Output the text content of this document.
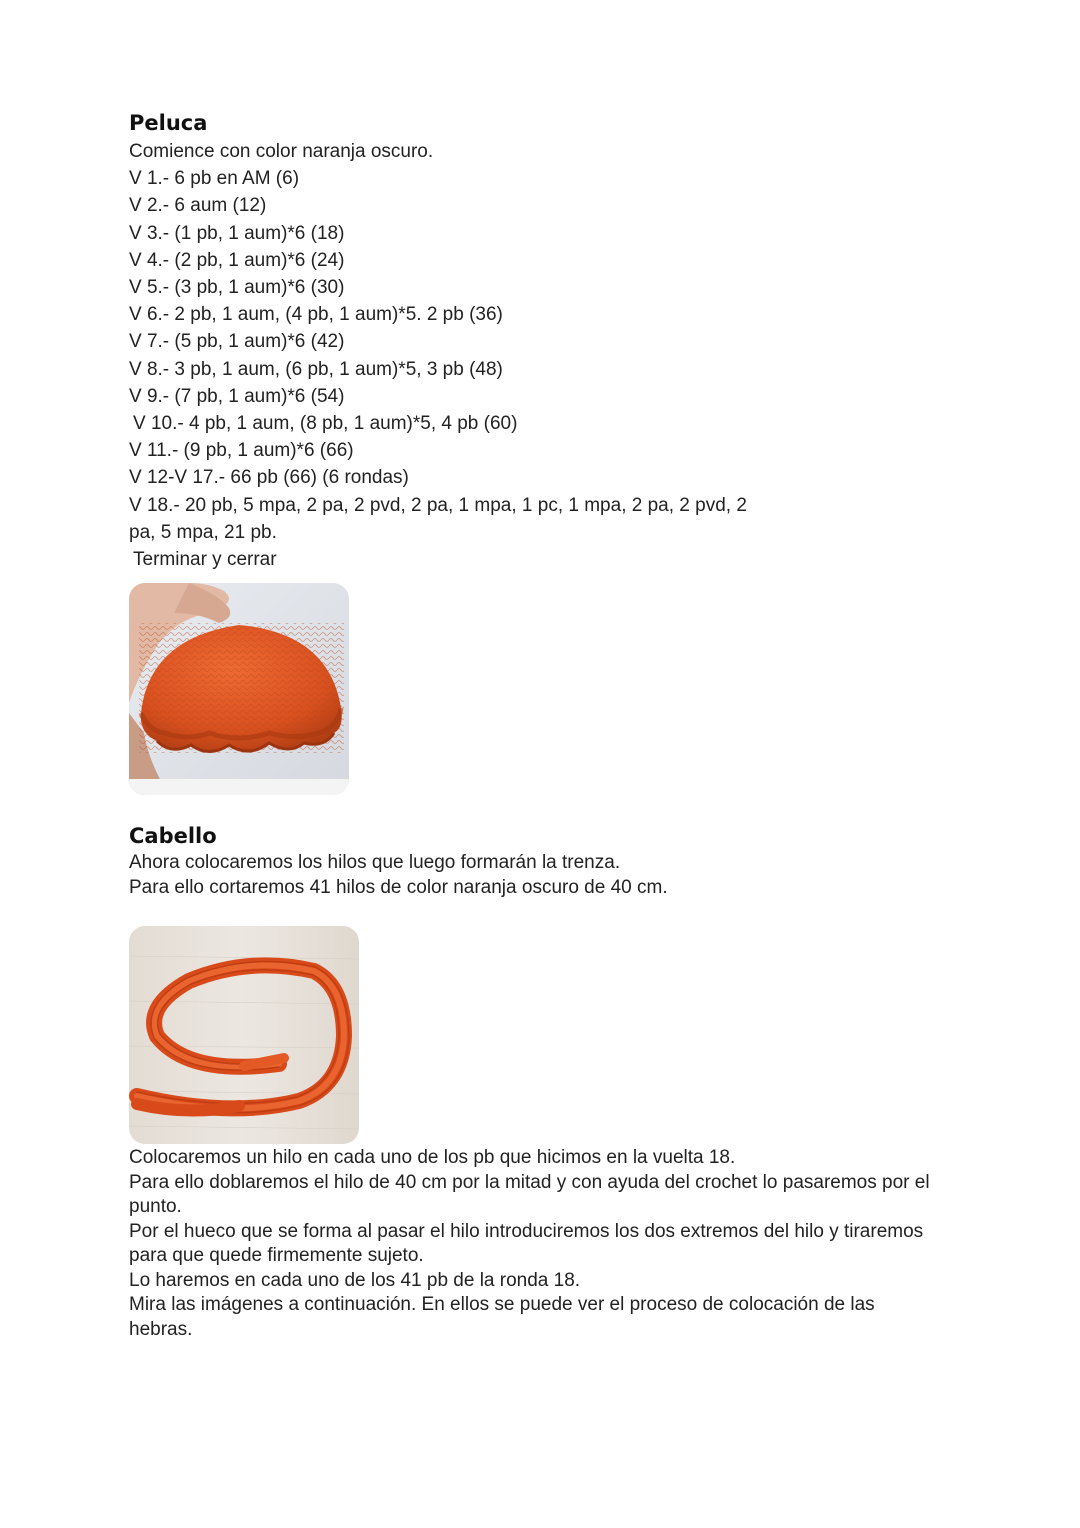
Peluca

Comience con color naranja oscuro.

V 1.- 6 pb en AM (6)

V 2.- 6 aum (12)

V 3.- (1 pb, 1 aum)*6 (18)

V 4.- (2 pb, 1 aum)*6 (24)

V 5.- (3 pb, 1 aum)*6 (30)

V 6.- 2 pb, 1 aum, (4 pb, 1 aum)*5. 2 pb (36)

V 7.- (5 pb, 1 aum)*6 (42)

V 8.- 3 pb, 1 aum, (6 pb, 1 aum)*5, 3 pb (48)

V 9.- (7 pb, 1 aum)*6 (54)

V 10.- 4 pb, 1 aum, (8 pb, 1 aum)*5, 4 pb (60)

V 11.- (9 pb, 1 aum)*6 (66)

V 12-V 17.- 66 pb (66) (6 rondas)

V 18.- 20 pb, 5 mpa, 2 pa, 2 pvd, 2 pa, 1 mpa, 1 pc, 1 mpa, 2 pa, 2 pvd, 2

pa, 5 mpa, 21 pb.

Terminar y cerrar

Cabello

Ahora colocaremos los hilos que luego formarán la trenza.

Para ello cortaremos 41 hilos de color naranja oscuro de 40 cm.

Colocaremos un hilo en cada uno de los pb que hicimos en la vuelta 18.

Para ello doblaremos el hilo de 40 cm por la mitad y con ayuda del crochet lo pasaremos por el punto.

Por el hueco que se forma al pasar el hilo introduciremos los dos extremos del hilo y tiraremos para que quede firmemente sujeto.

Lo haremos en cada uno de los 41 pb de la ronda 18.

Mira las imágenes a continuación. En ellos se puede ver el proceso de colocación de las hebras.
